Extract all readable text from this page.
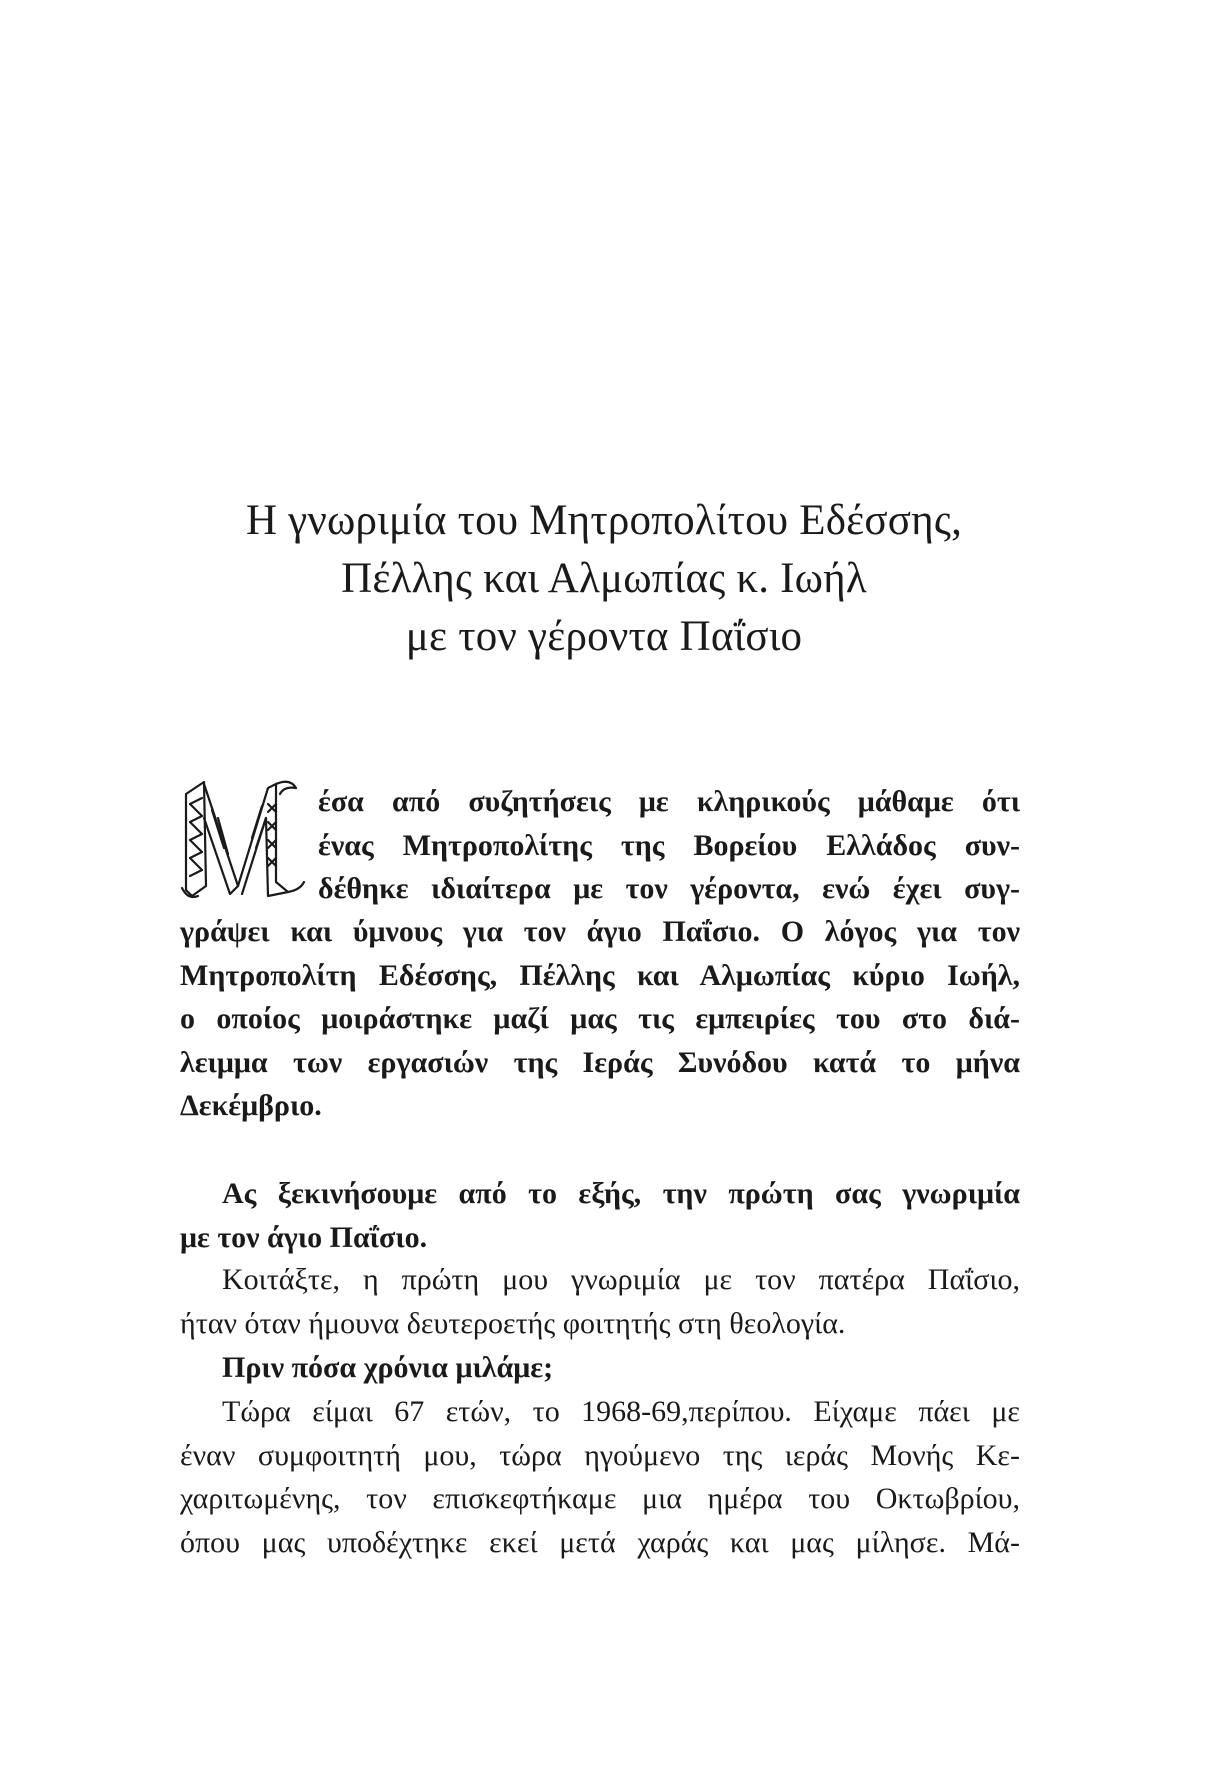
Η γνωριμία του Μητροπολίτου Εδέσσης,
Πέλλης και Αλμωπίας κ. Ιωήλ
με τον γέροντα Παΐσιο
έσα από συζητήσεις με κληρικούς μάθαμε ότι
ένας Μητροπολίτης της Βορείου Ελλάδος συν-
δέθηκε ιδιαίτερα με τον γέροντα, ενώ έχει συγ-
γράψει και ύμνους για τον άγιο Παΐσιο. Ο λόγος για τον
Μητροπολίτη Εδέσσης, Πέλλης και Αλμωπίας κύριο Ιωήλ,
ο οποίος μοιράστηκε μαζί μας τις εμπειρίες του στο διά-
λειμμα των εργασιών της Ιεράς Συνόδου κατά το μήνα
Δεκέμβριο.
Ας ξεκινήσουμε από το εξής, την πρώτη σας γνωριμία
με τον άγιο Παΐσιο.
Κοιτάξτε, η πρώτη μου γνωριμία με τον πατέρα Παΐσιο,
ήταν όταν ήμουνα δευτεροετής φοιτητής στη θεολογία.
Πριν πόσα χρόνια μιλάμε;
Τώρα είμαι 67 ετών, το 1968-69,περίπου. Είχαμε πάει με
έναν συμφοιτητή μου, τώρα ηγούμενο της ιεράς Μονής Κε-
χαριτωμένης, τον επισκεφτήκαμε μια ημέρα του Οκτωβρίου,
όπου μας υποδέχτηκε εκεί μετά χαράς και μας μίλησε. Μά-
